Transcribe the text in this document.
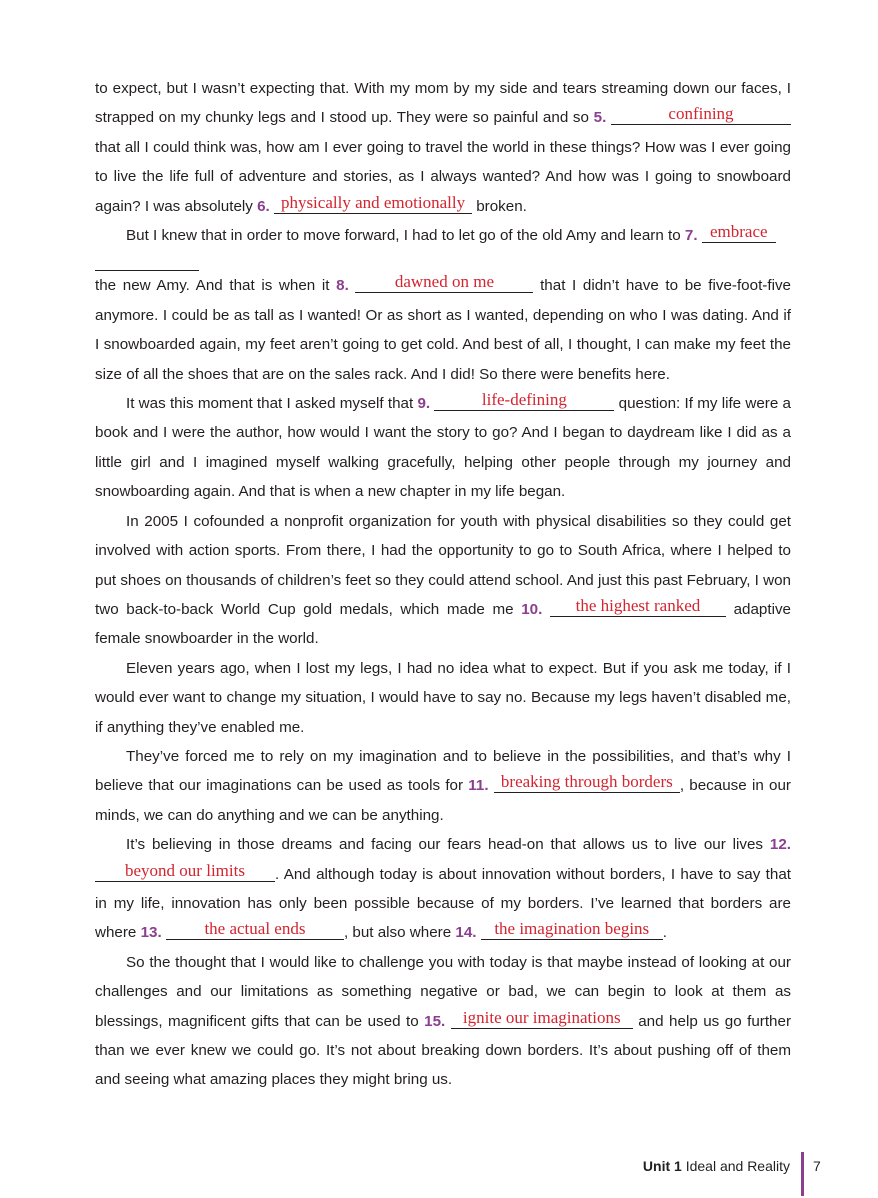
to expect, but I wasn’t expecting that. With my mom by my side and tears streaming down our faces, I strapped on my chunky legs and I stood up. They were so painful and so 5.	confining
that all I could think was, how am I ever going to travel the world in these things? How was I ever going to live the life full of adventure and stories, as I always wanted? And how was I going to snowboard again? I was absolutely 6. physically and emotionally broken.

But I knew that in order to move forward, I had to let go of the old Amy and learn to 7. embrace
the new Amy. And that is when it 8.	dawned on me	that I didn’t have to be five-foot-five anymore. I could be as tall as I wanted! Or as short as I wanted, depending on who I was dating. And if I snowboarded again, my feet aren’t going to get cold. And best of all, I thought, I can make my feet the size of all the shoes that are on the sales rack. And I did! So there were benefits here.

It was this moment that I asked myself that 9.	life-defining	question: If my life were a book and I were the author, how would I want the story to go? And I began to daydream like I did as a little girl and I imagined myself walking gracefully, helping other people through my journey and snowboarding again. And that is when a new chapter in my life began.

In 2005 I cofounded a nonprofit organization for youth with physical disabilities so they could get involved with action sports. From there, I had the opportunity to go to South Africa, where I helped to put shoes on thousands of children’s feet so they could attend school. And just this past February, I won two back-to-back World Cup gold medals, which made me 10.	the highest ranked	adaptive female snowboarder in the world.

Eleven years ago, when I lost my legs, I had no idea what to expect. But if you ask me today, if I would ever want to change my situation, I would have to say no. Because my legs haven’t disabled me, if anything they’ve enabled me.

They’ve forced me to rely on my imagination and to believe in the possibilities, and that’s why I believe that our imaginations can be used as tools for 11. breaking through borders , because in our minds, we can do anything and we can be anything.

It’s believing in those dreams and facing our fears head-on that allows us to live our lives 12.
beyond our limits	. And although today is about innovation without borders, I have to say that in my life, innovation has only been possible because of my borders. I’ve learned that borders are where 13.	the actual ends	, but also where 14.	the imagination begins .

So the thought that I would like to challenge you with today is that maybe instead of looking at our challenges and our limitations as something negative or bad, we can begin to look at them as blessings, magnificent gifts that can be used to 15.	ignite our imaginations and help us go further than we ever knew we could go. It’s not about breaking down borders. It’s about pushing off of them and seeing what amazing places they might bring us.

Unit 1 Ideal and Reality 7
